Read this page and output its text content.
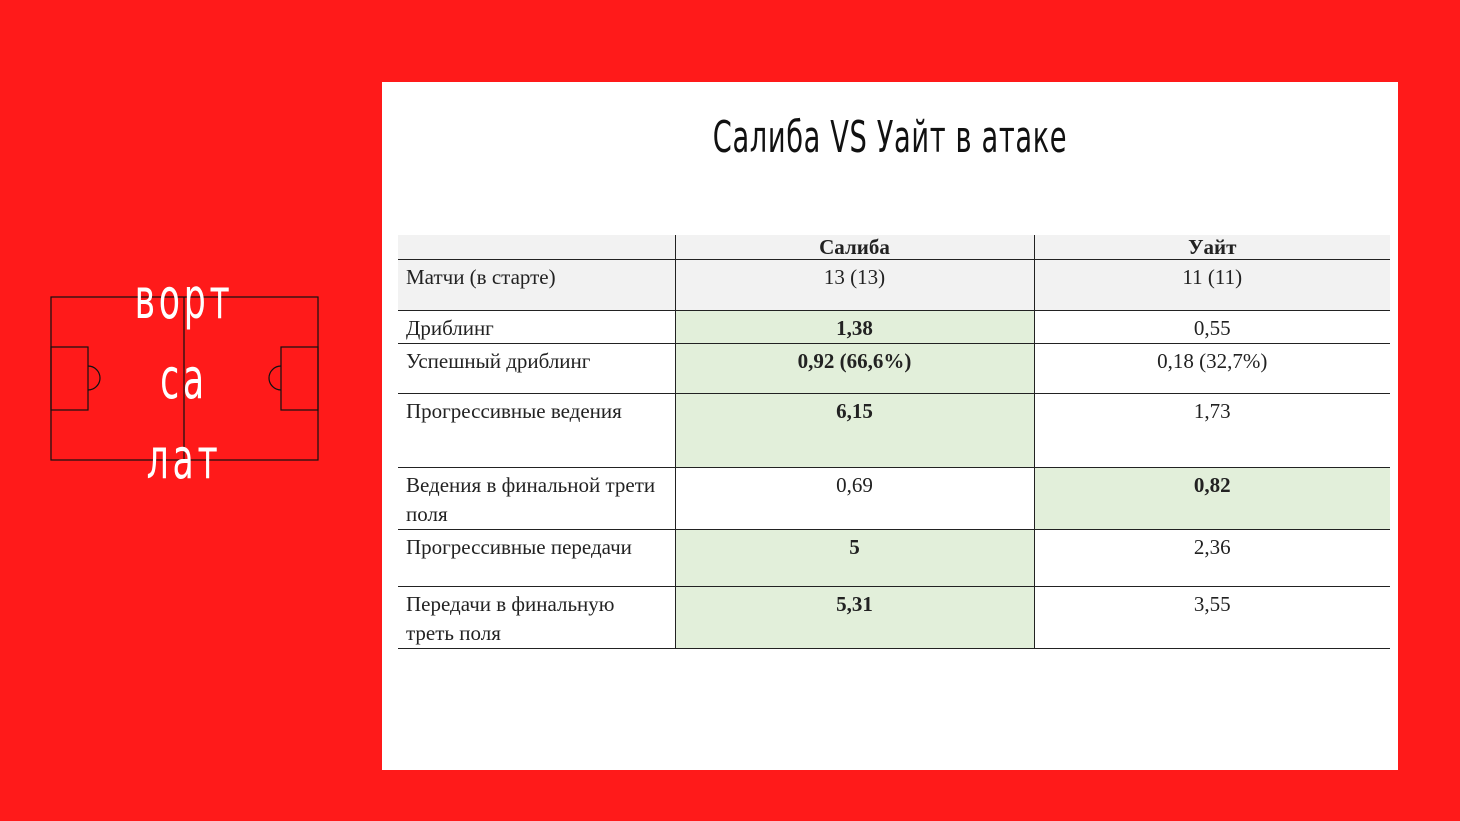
ворт
са
лат
Салиба VS Уайт в атаке
	Салиба	Уайт
Матчи (в старте)	13 (13)	11 (11)
Дриблинг	1,38	0,55
Успешный дриблинг	0,92 (66,6%)	0,18 (32,7%)
Прогрессивные ведения	6,15	1,73
Ведения в финальной трети поля	0,69	0,82
Прогрессивные передачи	5	2,36
Передачи в финальную треть поля	5,31	3,55
